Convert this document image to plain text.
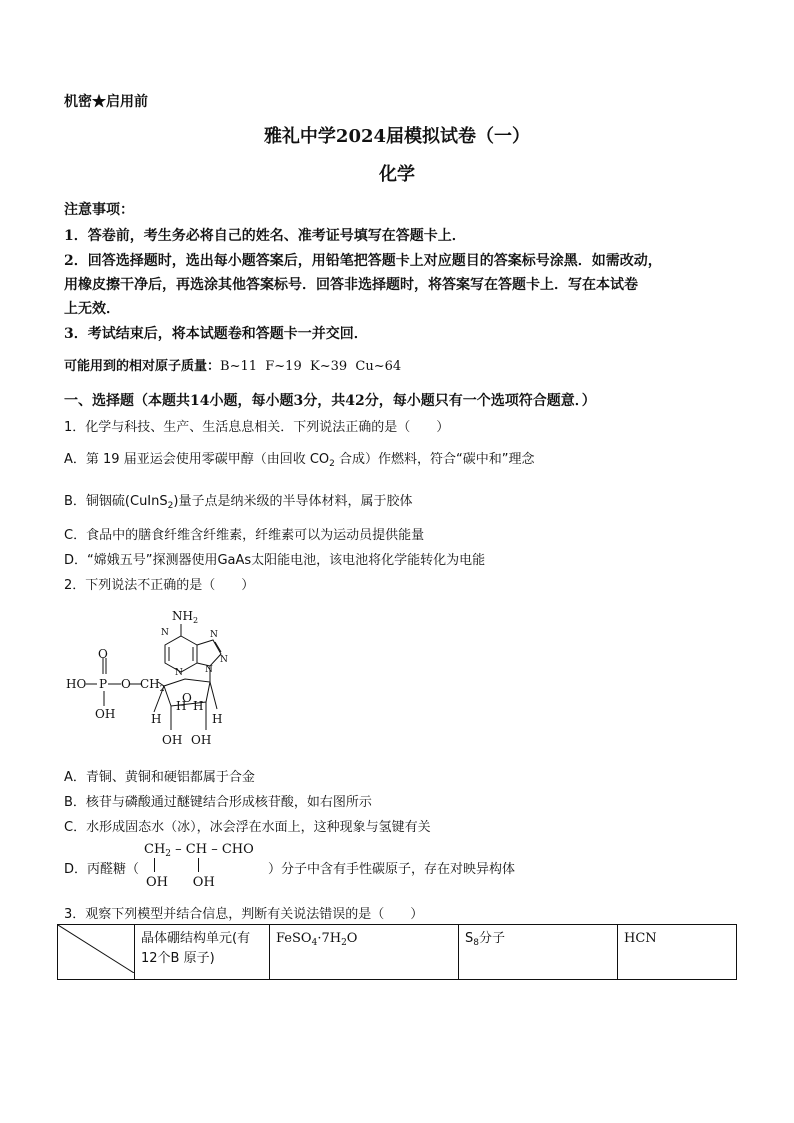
机密★启用前
雅礼中学2024届模拟试卷（一）
化学
注意事项：
1．答卷前，考生务必将自己的姓名、准考证号填写在答题卡上．
2．回答选择题时，选出每小题答案后，用铅笔把答题卡上对应题目的答案标号涂黑．如需改动，
用橡皮擦干净后，再选涂其他答案标号．回答非选择题时，将答案写在答题卡上．写在本试卷
上无效．
3．考试结束后，将本试题卷和答题卡一并交回．
可能用到的相对原子质量：B~11  F~19  K~39  Cu~64
一、选择题（本题共14小题，每小题3分，共42分，每小题只有一个选项符合题意．）
1．化学与科技、生产、生活息息相关．下列说法正确的是（　　）
A．第 19 届亚运会使用零碳甲醇（由回收 $CO_2$ 合成）作燃料，符合“碳中和”理念
B．铜铟硫(CuInS$_2$)量子点是纳米级的半导体材料，属于胶体
C．食品中的膳食纤维含纤维素，纤维素可以为运动员提供能量
D．“嫦娥五号”探测器使用GaAs太阳能电池，该电池将化学能转化为电能
2．下列说法不正确的是（　　）
$NH_2$
N	N
N
N N
HO P
O
O
OH
$CH_2$
O
H
H H
H
OH OH
A．青铜、黄铜和硬铝都属于合金
B．核苷与磷酸通过醚键结合形成核苷酸，如右图所示
C．水形成固态水（冰），冰会浮在水面上，这种现象与氢键有关
D．丙醛糖（
$CH_2$ – CH – CHO
OH      OH
）分子中含有手性碳原子，存在对映异构体
3．观察下列模型并结合信息，判断有关说法错误的是（　　）
	晶体硼结构单元(有
12个B 原子)	$FeSO_4\cdot 7H_2O$	$S_8$分子	HCN
